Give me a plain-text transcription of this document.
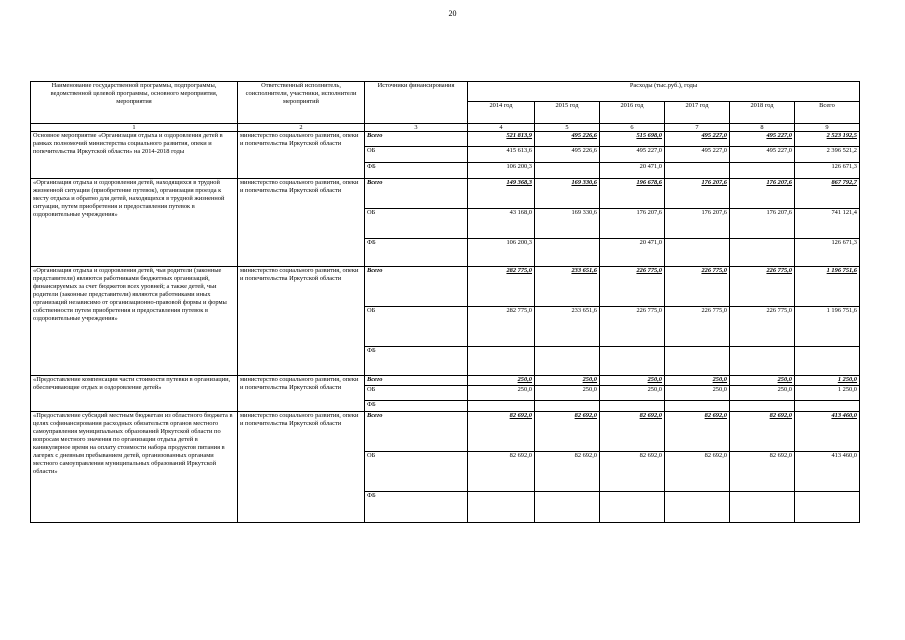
20
Наименование государственной программы, подпрограммы, ведомственной целевой программы, основного мероприятия, мероприятия	Ответственный исполнитель, соисполнители, участники, исполнители мероприятий	Источники финансирования	Расходы (тыс.руб.), годы					
			2014 год	2015 год	2016 год	2017 год	2018 год	Всего
1	2	3	4	5	6	7	8	9
Основное мероприятие «Организация отдыха и оздоровления детей в рамках полномочий министерства социального развития, опеки и попечительства Иркутской области» на 2014-2018 годы	министерство социального развития, опеки и попечительства Иркутской области	Всего	521 813,9	495 226,6	515 698,0	495 227,0	495 227,0	2 523 192,5
		ОБ	415 613,6	495 226,6	495 227,0	495 227,0	495 227,0	2 396 521,2
		ФБ	106 200,3		20 471,0			126 671,3
«Организация отдыха и оздоровления детей, находящихся в трудной жизненной ситуации (приобретение путевок), организация проезда к месту отдыха и обратно для детей, находящихся в трудной жизненной ситуации, путем приобретения и предоставления путевок в оздоровительные учреждения»	министерство социального развития, опеки и попечительства Иркутской области	Всего	149 368,3	169 330,6	196 678,6	176 207,6	176 207,6	867 792,7
		ОБ	43 168,0	169 330,6	176 207,6	176 207,6	176 207,6	741 121,4
		ФБ	106 200,3		20 471,0			126 671,3
«Организация отдыха и оздоровления детей, чьи родители (законные представители) являются работниками бюджетных организаций, финансируемых за счет бюджетов всех уровней; а также детей, чьи родители (законные представители) являются работниками иных организаций независимо от организационно-правовой формы и формы собственности путем приобретения и предоставления путевок в оздоровительные учреждения»	министерство социального развития, опеки и попечительства Иркутской области	Всего	282 775,0	233 651,6	226 775,0	226 775,0	226 775,0	1 196 751,6
		ОБ	282 775,0	233 651,6	226 775,0	226 775,0	226 775,0	1 196 751,6
		ФБ						
«Предоставление компенсации части стоимости путевки в организации, обеспечивающие отдых и оздоровление детей»	министерство социального развития, опеки и попечительства Иркутской области	Всего	250,0	250,0	250,0	250,0	250,0	1 250,0
		ОБ	250,0	250,0	250,0	250,0	250,0	1 250,0
		ФБ						
«Предоставление субсидий местным бюджетам из областного бюджета в целях софинансирования расходных обязательств органов местного самоуправления муниципальных образований Иркутской области по вопросам местного значения по организации отдыха детей в каникулярное время на оплату стоимости набора продуктов питания в лагерях с дневным пребыванием детей, организованных органами местного самоуправления муниципальных образований Иркутской области»	министерство социального развития, опеки и попечительства Иркутской области	Всего	82 692,0	82 692,0	82 692,0	82 692,0	82 692,0	413 460,0
		ОБ	82 692,0	82 692,0	82 692,0	82 692,0	82 692,0	413 460,0
		ФБ						
